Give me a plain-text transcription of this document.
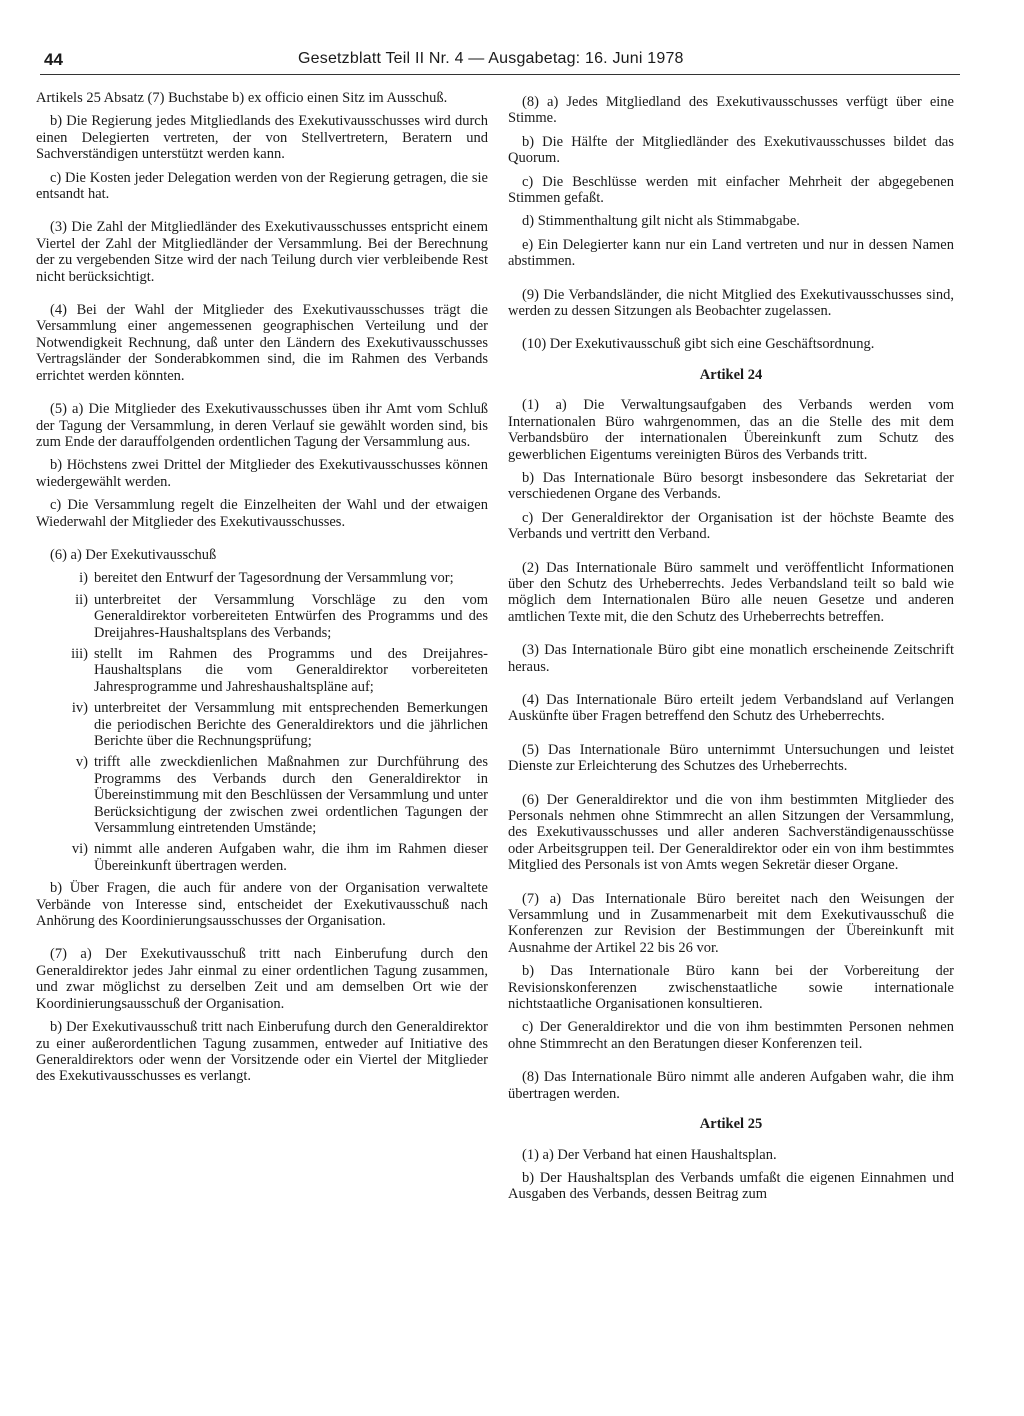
44	Gesetzblatt Teil II Nr. 4 — Ausgabetag: 16. Juni 1978

Artikels 25 Absatz (7) Buchstabe b) ex officio einen Sitz im Ausschuß.

b) Die Regierung jedes Mitgliedlands des Exekutivausschusses wird durch einen Delegierten vertreten, der von Stellvertretern, Beratern und Sachverständigen unterstützt werden kann.

c) Die Kosten jeder Delegation werden von der Regierung getragen, die sie entsandt hat.

(3) Die Zahl der Mitgliedländer des Exekutivausschusses entspricht einem Viertel der Zahl der Mitgliedländer der Versammlung. Bei der Berechnung der zu vergebenden Sitze wird der nach Teilung durch vier verbleibende Rest nicht berücksichtigt.

(4) Bei der Wahl der Mitglieder des Exekutivausschusses trägt die Versammlung einer angemessenen geographischen Verteilung und der Notwendigkeit Rechnung, daß unter den Ländern des Exekutivausschusses Vertragsländer der Sonderabkommen sind, die im Rahmen des Verbands errichtet werden könnten.

(5) a) Die Mitglieder des Exekutivausschusses üben ihr Amt vom Schluß der Tagung der Versammlung, in deren Verlauf sie gewählt worden sind, bis zum Ende der darauffolgenden ordentlichen Tagung der Versammlung aus.

b) Höchstens zwei Drittel der Mitglieder des Exekutivausschusses können wiedergewählt werden.

c) Die Versammlung regelt die Einzelheiten der Wahl und der etwaigen Wiederwahl der Mitglieder des Exekutivausschusses.

(6) a) Der Exekutivausschuß

i) bereitet den Entwurf der Tagesordnung der Versammlung vor;
ii) unterbreitet der Versammlung Vorschläge zu den vom Generaldirektor vorbereiteten Entwürfen des Programms und des Dreijahres-Haushaltsplans des Verbands;
iii) stellt im Rahmen des Programms und des Dreijahres-Haushaltsplans die vom Generaldirektor vorbereiteten Jahresprogramme und Jahreshaushaltspläne auf;
iv) unterbreitet der Versammlung mit entsprechenden Bemerkungen die periodischen Berichte des Generaldirektors und die jährlichen Berichte über die Rechnungsprüfung;
v) trifft alle zweckdienlichen Maßnahmen zur Durchführung des Programms des Verbands durch den Generaldirektor in Übereinstimmung mit den Beschlüssen der Versammlung und unter Berücksichtigung der zwischen zwei ordentlichen Tagungen der Versammlung eintretenden Umstände;
vi) nimmt alle anderen Aufgaben wahr, die ihm im Rahmen dieser Übereinkunft übertragen werden.

b) Über Fragen, die auch für andere von der Organisation verwaltete Verbände von Interesse sind, entscheidet der Exekutivausschuß nach Anhörung des Koordinierungsausschusses der Organisation.

(7) a) Der Exekutivausschuß tritt nach Einberufung durch den Generaldirektor jedes Jahr einmal zu einer ordentlichen Tagung zusammen, und zwar möglichst zu derselben Zeit und am demselben Ort wie der Koordinierungsausschuß der Organisation.

b) Der Exekutivausschuß tritt nach Einberufung durch den Generaldirektor zu einer außerordentlichen Tagung zusammen, entweder auf Initiative des Generaldirektors oder wenn der Vorsitzende oder ein Viertel der Mitglieder des Exekutivausschusses es verlangt.

(8) a) Jedes Mitgliedland des Exekutivausschusses verfügt über eine Stimme.

b) Die Hälfte der Mitgliedländer des Exekutivausschusses bildet das Quorum.

c) Die Beschlüsse werden mit einfacher Mehrheit der abgegebenen Stimmen gefaßt.

d) Stimmenthaltung gilt nicht als Stimmabgabe.

e) Ein Delegierter kann nur ein Land vertreten und nur in dessen Namen abstimmen.

(9) Die Verbandsländer, die nicht Mitglied des Exekutivausschusses sind, werden zu dessen Sitzungen als Beobachter zugelassen.

(10) Der Exekutivausschuß gibt sich eine Geschäftsordnung.

Artikel 24

(1) a) Die Verwaltungsaufgaben des Verbands werden vom Internationalen Büro wahrgenommen, das an die Stelle des mit dem Verbandsbüro der internationalen Übereinkunft zum Schutz des gewerblichen Eigentums vereinigten Büros des Verbands tritt.

b) Das Internationale Büro besorgt insbesondere das Sekretariat der verschiedenen Organe des Verbands.

c) Der Generaldirektor der Organisation ist der höchste Beamte des Verbands und vertritt den Verband.

(2) Das Internationale Büro sammelt und veröffentlicht Informationen über den Schutz des Urheberrechts. Jedes Verbandsland teilt so bald wie möglich dem Internationalen Büro alle neuen Gesetze und anderen amtlichen Texte mit, die den Schutz des Urheberrechts betreffen.

(3) Das Internationale Büro gibt eine monatlich erscheinende Zeitschrift heraus.

(4) Das Internationale Büro erteilt jedem Verbandsland auf Verlangen Auskünfte über Fragen betreffend den Schutz des Urheberrechts.

(5) Das Internationale Büro unternimmt Untersuchungen und leistet Dienste zur Erleichterung des Schutzes des Urheberrechts.

(6) Der Generaldirektor und die von ihm bestimmten Mitglieder des Personals nehmen ohne Stimmrecht an allen Sitzungen der Versammlung, des Exekutivausschusses und aller anderen Sachverständigenausschüsse oder Arbeitsgruppen teil. Der Generaldirektor oder ein von ihm bestimmtes Mitglied des Personals ist von Amts wegen Sekretär dieser Organe.

(7) a) Das Internationale Büro bereitet nach den Weisungen der Versammlung und in Zusammenarbeit mit dem Exekutivausschuß die Konferenzen zur Revision der Bestimmungen der Übereinkunft mit Ausnahme der Artikel 22 bis 26 vor.

b) Das Internationale Büro kann bei der Vorbereitung der Revisionskonferenzen zwischenstaatliche sowie internationale nichtstaatliche Organisationen konsultieren.

c) Der Generaldirektor und die von ihm bestimmten Personen nehmen ohne Stimmrecht an den Beratungen dieser Konferenzen teil.

(8) Das Internationale Büro nimmt alle anderen Aufgaben wahr, die ihm übertragen werden.

Artikel 25

(1) a) Der Verband hat einen Haushaltsplan.

b) Der Haushaltsplan des Verbands umfaßt die eigenen Einnahmen und Ausgaben des Verbands, dessen Beitrag zum
